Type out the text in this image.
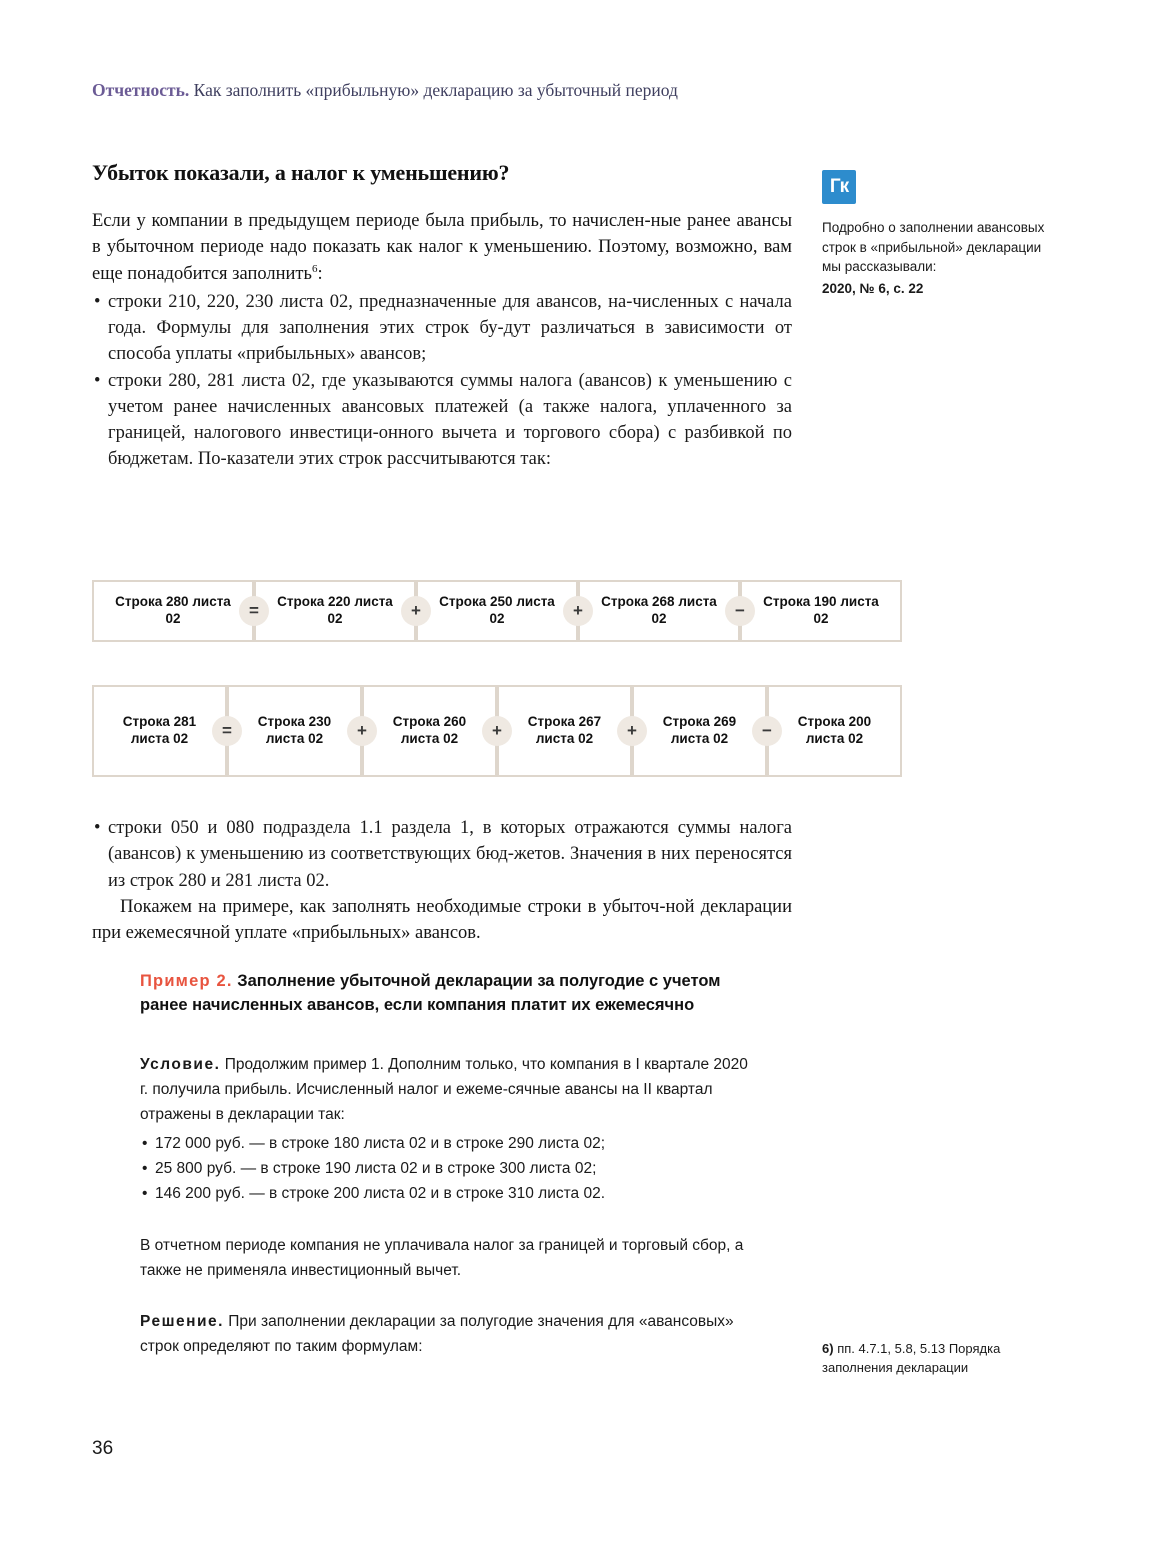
Отчетность. Как заполнить «прибыльную» декларацию за убыточный период
Убыток показали, а налог к уменьшению?

Если у компании в предыдущем периоде была прибыль, то начислен-ные ранее авансы в убыточном периоде надо показать как налог к уменьшению. Поэтому, возможно, вам еще понадобится заполнить$^6$:

• строки 210, 220, 230 листа 02, предназначенные для авансов, на-численных с начала года. Формулы для заполнения этих строк бу-дут различаться в зависимости от способа уплаты «прибыльных» авансов;
• строки 280, 281 листа 02, где указываются суммы налога (авансов) к уменьшению с учетом ранее начисленных авансовых платежей (а также налога, уплаченного за границей, налогового инвестици-онного вычета и торгового сбора) с разбивкой по бюджетам. По-казатели этих строк рассчитываются так:
Гк
Подробно о заполнении авансовых строк в «прибыльной» декларации мы рассказывали:
2020, № 6, с. 22
Строка 280 листа 02	=	Строка 220 листа 02	+	Строка 250 листа 02	+	Строка 268 листа 02	−	Строка 190 листа 02
Строка 281
листа 02	=	Строка 230
листа 02	+	Строка 260
листа 02	+	Строка 267
листа 02	+	Строка 269
листа 02	−	Строка 200
листа 02
• строки 050 и 080 подраздела 1.1 раздела 1, в которых отражаются суммы налога (авансов) к уменьшению из соответствующих бюд-жетов. Значения в них переносятся из строк 280 и 281 листа 02.

Покажем на примере, как заполнять необходимые строки в убыточ-ной декларации при ежемесячной уплате «прибыльных» авансов.

Пример 2. Заполнение убыточной декларации за полугодие с учетом ранее начисленных авансов, если компания платит их ежемесячно
Условие. Продолжим пример 1. Дополним только, что компания в I квартале 2020 г. получила прибыль. Исчисленный налог и ежеме-сячные авансы на II квартал отражены в декларации так:
• 172 000 руб. — в строке 180 листа 02 и в строке 290 листа 02;
• 25 800 руб. — в строке 190 листа 02 и в строке 300 листа 02;
• 146 200 руб. — в строке 200 листа 02 и в строке 310 листа 02.
В отчетном периоде компания не уплачивала налог за границей и торговый сбор, а также не применяла инвестиционный вычет.
Решение. При заполнении декларации за полугодие значения для «авансовых» строк определяют по таким формулам:	6) пп. 4.7.1, 5.8, 5.13 Порядка заполнения декларации
36
